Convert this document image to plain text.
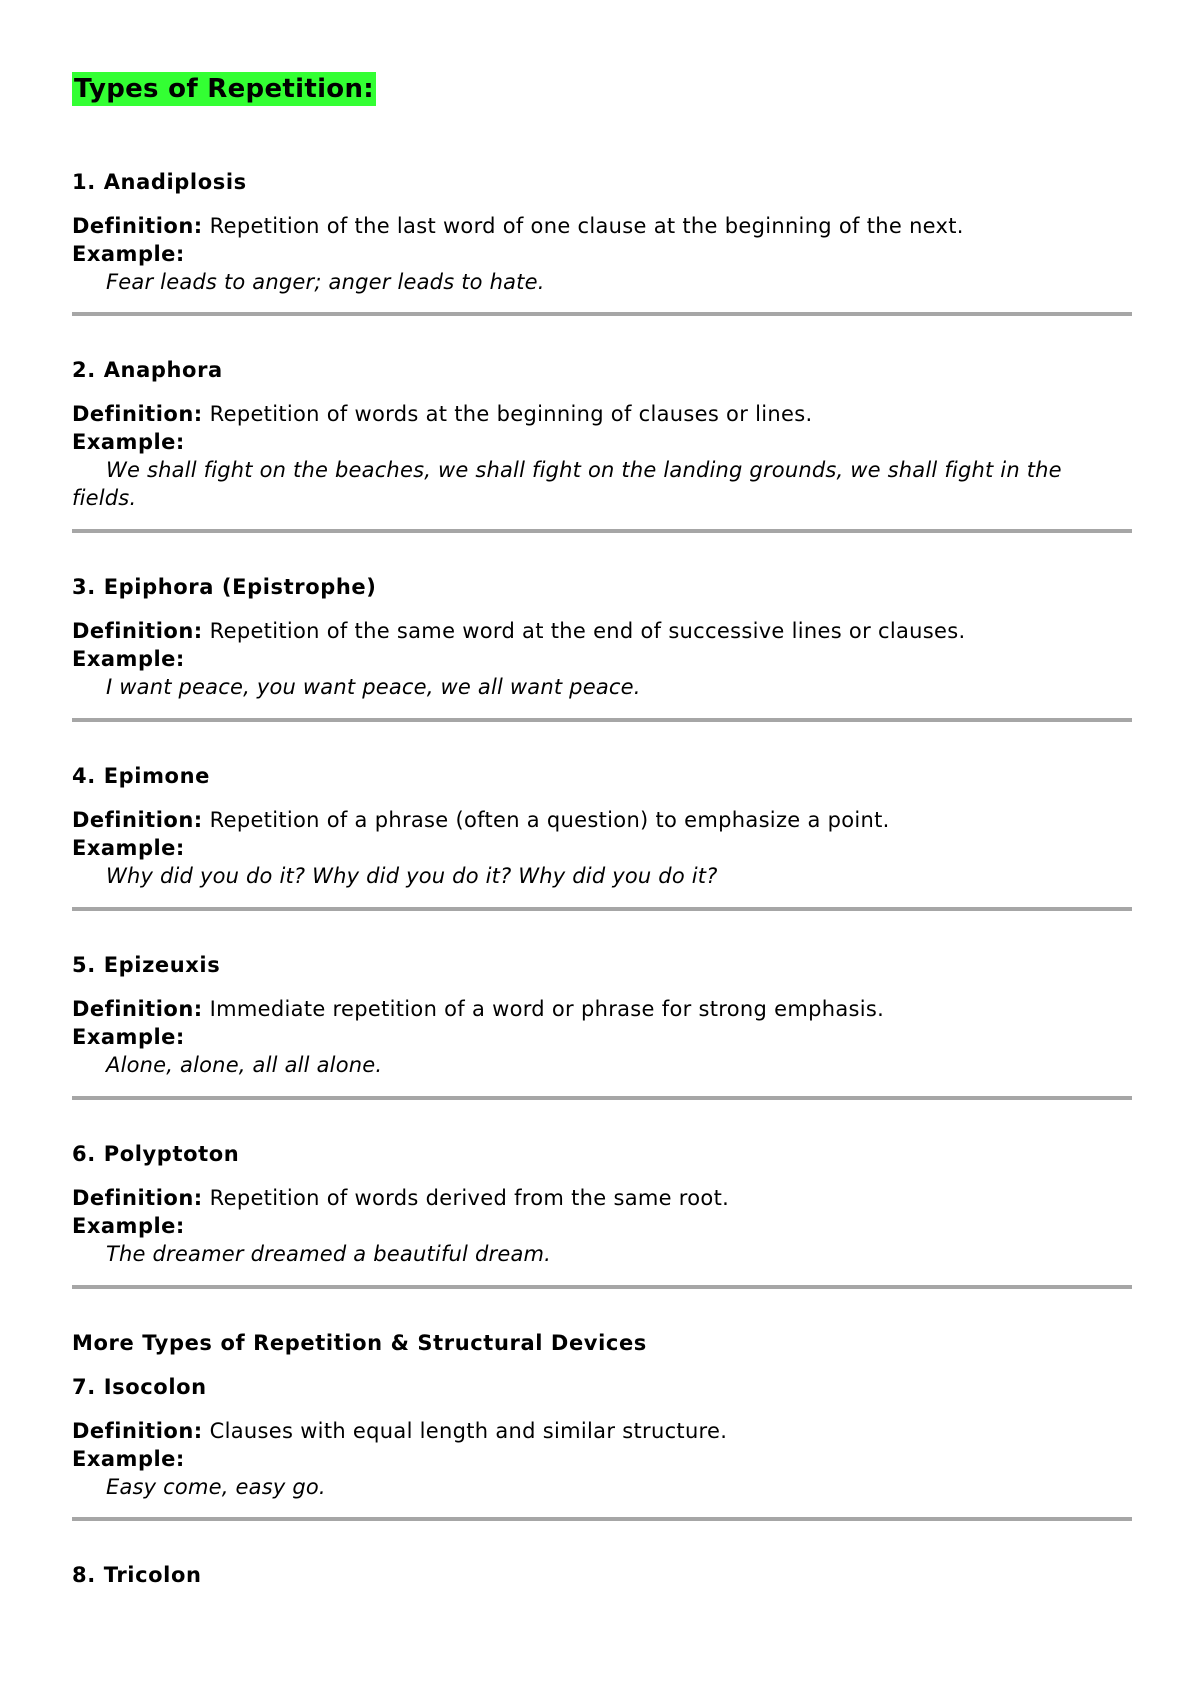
Types of Repetition:

1. Anadiplosis

Definition: Repetition of the last word of one clause at the beginning of the next.

Example:

Fear leads to anger; anger leads to hate.

2. Anaphora

Definition: Repetition of words at the beginning of clauses or lines.

Example:

We shall fight on the beaches, we shall fight on the landing grounds, we shall fight in the fields.

3. Epiphora (Epistrophe)

Definition: Repetition of the same word at the end of successive lines or clauses.

Example:

I want peace, you want peace, we all want peace.

4. Epimone

Definition: Repetition of a phrase (often a question) to emphasize a point.

Example:

Why did you do it? Why did you do it? Why did you do it?

5. Epizeuxis

Definition: Immediate repetition of a word or phrase for strong emphasis.

Example:

Alone, alone, all all alone.

6. Polyptoton

Definition: Repetition of words derived from the same root.

Example:

The dreamer dreamed a beautiful dream.

More Types of Repetition & Structural Devices

7. Isocolon

Definition: Clauses with equal length and similar structure.

Example:

Easy come, easy go.

8. Tricolon
